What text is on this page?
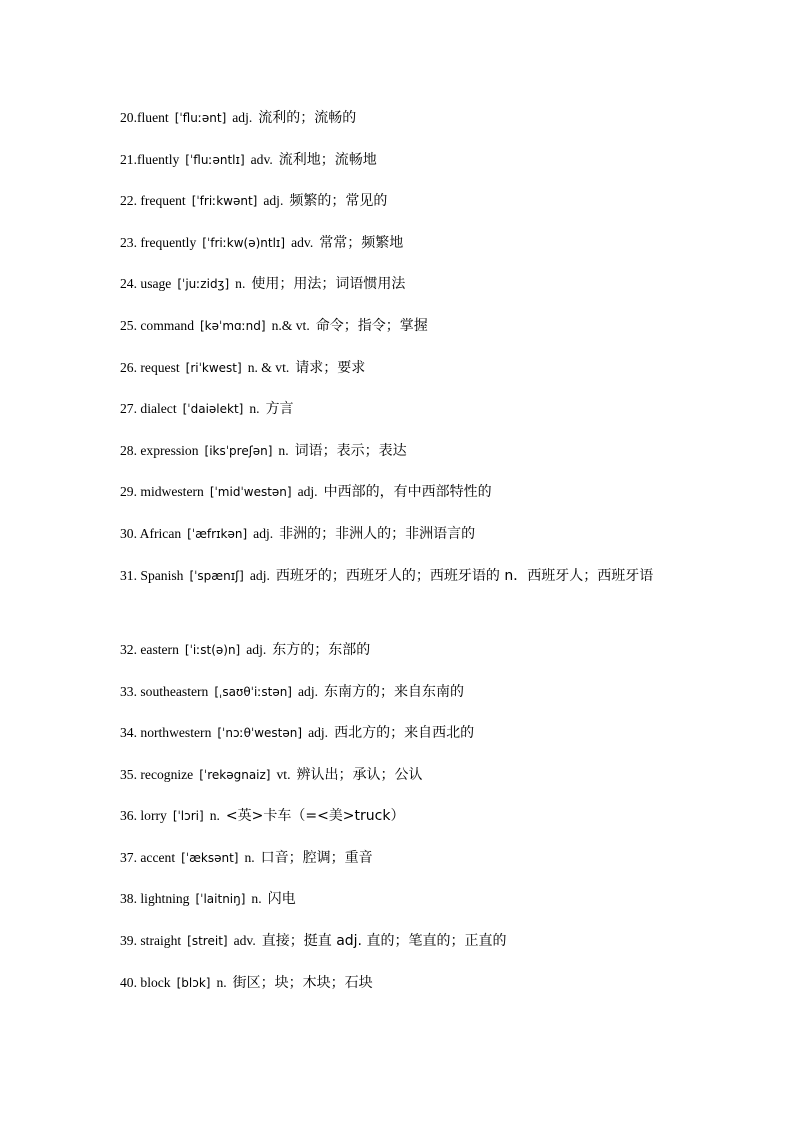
20.fluent [ˈfluːənt] adj. 流利的；流畅的
21.fluently [ˈfluːəntlɪ] adv. 流利地；流畅地
22. frequent [ˈfriːkwənt] adj. 频繁的；常见的
23. frequently [ˈfriːkw(ə)ntlɪ] adv. 常常；频繁地
24. usage [ˈjuːzidʒ] n. 使用；用法；词语惯用法
25. command [kəˈmɑːnd] n.& vt. 命令；指令；掌握
26. request [riˈkwest] n. & vt. 请求；要求
27. dialect [ˈdaiəlekt] n. 方言
28. expression [iksˈpreʃən] n. 词语；表示；表达
29. midwestern [ˈmidˈwestən] adj. 中西部的，有中西部特性的
30. African [ˈæfrɪkən] adj. 非洲的；非洲人的；非洲语言的
31. Spanish [ˈspænɪʃ] adj. 西班牙的；西班牙人的；西班牙语的 n．西班牙人；西班牙语
32. eastern [ˈiːst(ə)n] adj. 东方的；东部的
33. southeastern [ˌsaʊθˈiːstən] adj. 东南方的；来自东南的
34. northwestern [ˈnɔːθˈwestən] adj. 西北方的；来自西北的
35. recognize [ˈrekəgnaiz] vt. 辨认出；承认；公认
36. lorry [ˈlɔri] n. <英>卡车（=<美>truck）
37. accent [ˈæksənt] n. 口音；腔调；重音
38. lightning [ˈlaitniŋ] n. 闪电
39. straight [streit] adv. 直接；挺直 adj. 直的；笔直的；正直的
40. block [blɔk] n. 街区；块；木块；石块
